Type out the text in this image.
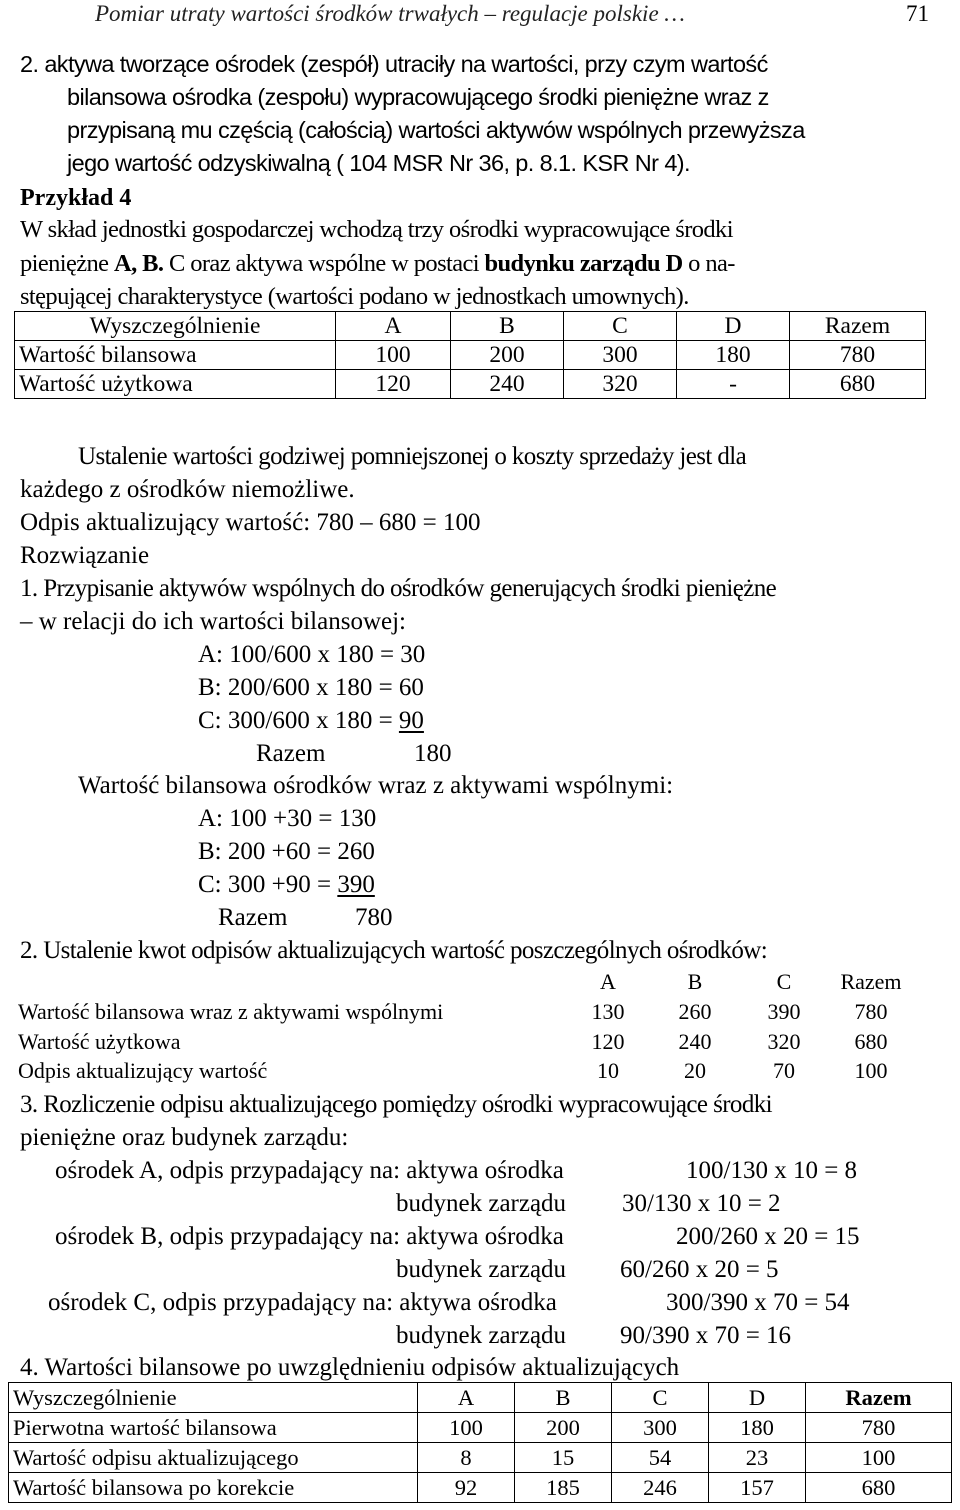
Pomiar utraty wartości środków trwałych – regulacje polskie …	71
2. aktywa tworzące ośrodek (zespół) utraciły na wartości, przy czym wartość
bilansowa ośrodka (zespołu) wypracowującego środki pieniężne wraz z
przypisaną mu częścią (całością) wartości aktywów wspólnych przewyższa
jego wartość odzyskiwalną ( 104 MSR Nr 36, p. 8.1. KSR Nr 4).
Przykład 4
W skład jednostki gospodarczej wchodzą trzy ośrodki wypracowujące środki
pieniężne A, B. C oraz aktywa wspólne w postaci budynku zarządu D o na-
stępującej charakterystyce (wartości podano w jednostkach umownych).
Wyszczególnienie	A	B	C	D	Razem
Wartość bilansowa	100	200	300	180	780
Wartość użytkowa	120	240	320	-	680
Ustalenie wartości godziwej pomniejszonej o koszty sprzedaży jest dla
każdego z ośrodków niemożliwe.
Odpis aktualizujący wartość: 780 – 680 = 100
Rozwiązanie
1. Przypisanie aktywów wspólnych do ośrodków generujących środki pieniężne
– w relacji do ich wartości bilansowej:
A: 100/600 x 180 = 30
B: 200/600 x 180 = 60
C: 300/600 x 180 = 90
Razem	180
Wartość bilansowa ośrodków wraz z aktywami wspólnymi:
A: 100 +30 = 130
B: 200 +60 = 260
C: 300 +90 = 390
Razem	780
2. Ustalenie kwot odpisów aktualizujących wartość poszczególnych ośrodków:
A	B	C Razem
Wartość bilansowa wraz z aktywami wspólnymi	130 260	390 780
Wartość użytkowa	120 240	320 680
Odpis aktualizujący wartość	10	20	70	100
3. Rozliczenie odpisu aktualizującego pomiędzy ośrodki wypracowujące środki
pieniężne oraz budynek zarządu:
ośrodek A, odpis przypadający na: aktywa ośrodka	100/130 x 10 = 8
budynek zarządu 30/130 x 10 = 2
ośrodek B, odpis przypadający na: aktywa ośrodka	200/260 x 20 = 15
budynek zarządu 60/260 x 20 = 5
ośrodek C, odpis przypadający na: aktywa ośrodka	300/390 x 70 = 54
budynek zarządu 90/390 x 70 = 16
4. Wartości bilansowe po uwzględnieniu odpisów aktualizujących
Wyszczególnienie	A	B	C	D	Razem
Pierwotna wartość bilansowa	100	200	300	180	780
Wartość odpisu aktualizującego	8	15	54	23	100
Wartość bilansowa po korekcie	92	185	246	157	680
